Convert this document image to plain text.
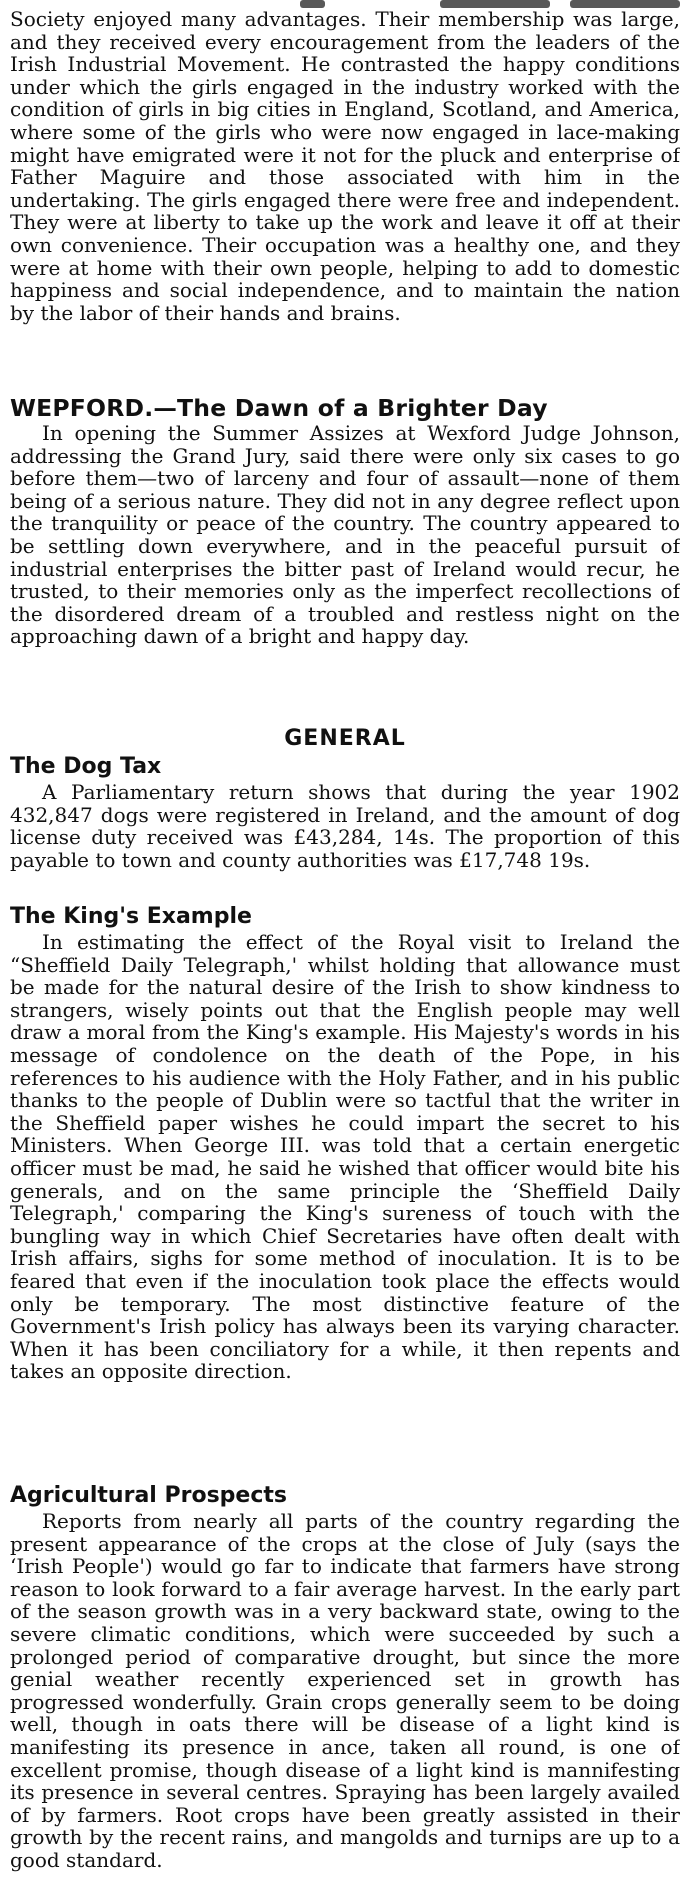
Society enjoyed many advantages. Their membership was large, and they received every encouragement from the leaders of the Irish Industrial Movement. He contrasted the happy conditions under which the girls engaged in the industry worked with the condition of girls in big cities in England, Scotland, and America, where some of the girls who were now engaged in lace-making might have emigrated were it not for the pluck and enterprise of Father Maguire and those associated with him in the undertaking. The girls engaged there were free and independent. They were at liberty to take up the work and leave it off at their own convenience. Their occupation was a healthy one, and they were at home with their own people, helping to add to domestic happiness and social independence, and to maintain the nation by the labor of their hands and brains.

WEPFORD.—The Dawn of a Brighter Day

In opening the Summer Assizes at Wexford Judge Johnson, addressing the Grand Jury, said there were only six cases to go before them—two of larceny and four of assault—none of them being of a serious nature. They did not in any degree reflect upon the tranquility or peace of the country. The country appeared to be settling down everywhere, and in the peaceful pursuit of industrial enterprises the bitter past of Ireland would recur, he trusted, to their memories only as the imperfect recollections of the disordered dream of a troubled and restless night on the approaching dawn of a bright and happy day.

GENERAL
The Dog Tax

A Parliamentary return shows that during the year 1902 432,847 dogs were registered in Ireland, and the amount of dog license duty received was £43,284, 14s. The proportion of this payable to town and county authorities was £17,748 19s.

The King's Example

In estimating the effect of the Royal visit to Ireland the “Sheffield Daily Telegraph,' whilst holding that allowance must be made for the natural desire of the Irish to show kindness to strangers, wisely points out that the English people may well draw a moral from the King's example. His Majesty's words in his message of condolence on the death of the Pope, in his references to his audience with the Holy Father, and in his public thanks to the people of Dublin were so tactful that the writer in the Sheffield paper wishes he could impart the secret to his Ministers. When George III. was told that a certain energetic officer must be mad, he said he wished that officer would bite his generals, and on the same principle the ‘Sheffield Daily Telegraph,' comparing the King's sureness of touch with the bungling way in which Chief Secretaries have often dealt with Irish affairs, sighs for some method of inoculation. It is to be feared that even if the inoculation took place the effects would only be temporary. The most distinctive feature of the Government's Irish policy has always been its varying character. When it has been conciliatory for a while, it then repents and takes an opposite direction.

Agricultural Prospects

Reports from nearly all parts of the country regarding the present appearance of the crops at the close of July (says the ‘Irish People') would go far to indicate that farmers have strong reason to look forward to a fair average harvest. In the early part of the season growth was in a very backward state, owing to the severe climatic conditions, which were succeeded by such a prolonged period of comparative drought, but since the more genial weather recently experienced set in growth has progressed wonderfully. Grain crops generally seem to be doing well, though in oats there will be disease of a light kind is manifesting its presence in ance, taken all round, is one of excellent promise, though disease of a light kind is mannifesting its presence in several centres. Spraying has been largely availed of by farmers. Root crops have been greatly assisted in their growth by the recent rains, and mangolds and turnips are up to a good standard.
